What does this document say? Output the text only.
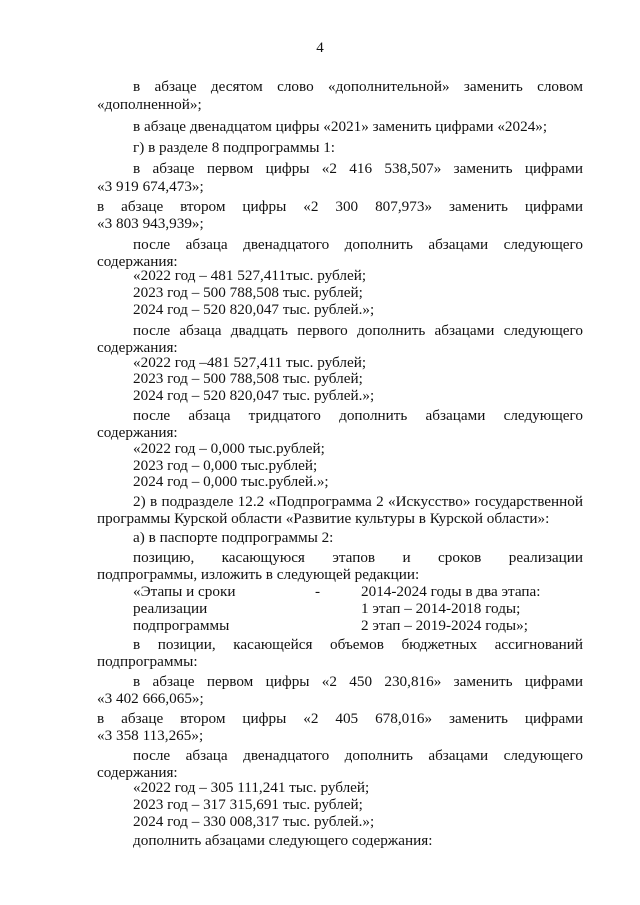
4
в абзаце десятом слово «дополнительной» заменить словом
«дополненной»;
в абзаце двенадцатом цифры «2021» заменить цифрами «2024»;
г) в разделе 8 подпрограммы 1:
в абзаце первом цифры «2 416 538,507» заменить цифрами
«3 919 674,473»;
в абзаце втором цифры «2 300 807,973» заменить цифрами
«3 803 943,939»;
после абзаца двенадцатого дополнить абзацами следующего
содержания:
«2022 год – 481 527,411тыс. рублей;
2023 год – 500 788,508 тыс. рублей;
2024 год – 520 820,047 тыс. рублей.»;
после абзаца двадцать первого дополнить абзацами следующего
содержания:
«2022 год –481 527,411 тыс. рублей;
2023 год – 500 788,508 тыс. рублей;
2024 год – 520 820,047 тыс. рублей.»;
после абзаца тридцатого дополнить абзацами следующего
содержания:
«2022 год – 0,000 тыс.рублей;
2023 год – 0,000 тыс.рублей;
2024 год – 0,000 тыс.рублей.»;
2) в подразделе 12.2 «Подпрограмма 2 «Искусство» государственной
программы Курской области «Развитие культуры в Курской области»:
а) в паспорте подпрограммы 2:
позицию, касающуюся этапов и сроков реализации
подпрограммы, изложить в следующей редакции:
«Этапы и сроки	-	2014-2024 годы в два этапа:
реализации	1 этап – 2014-2018 годы;
подпрограммы	2 этап – 2019-2024 годы»;
в позиции, касающейся объемов бюджетных ассигнований
подпрограммы:
в абзаце первом цифры «2 450 230,816» заменить цифрами
«3 402 666,065»;
в абзаце втором цифры «2 405 678,016» заменить цифрами
«3 358 113,265»;
после абзаца двенадцатого дополнить абзацами следующего
содержания:
«2022 год – 305 111,241 тыс. рублей;
2023 год – 317 315,691 тыс. рублей;
2024 год – 330 008,317 тыс. рублей.»;
дополнить абзацами следующего содержания:
